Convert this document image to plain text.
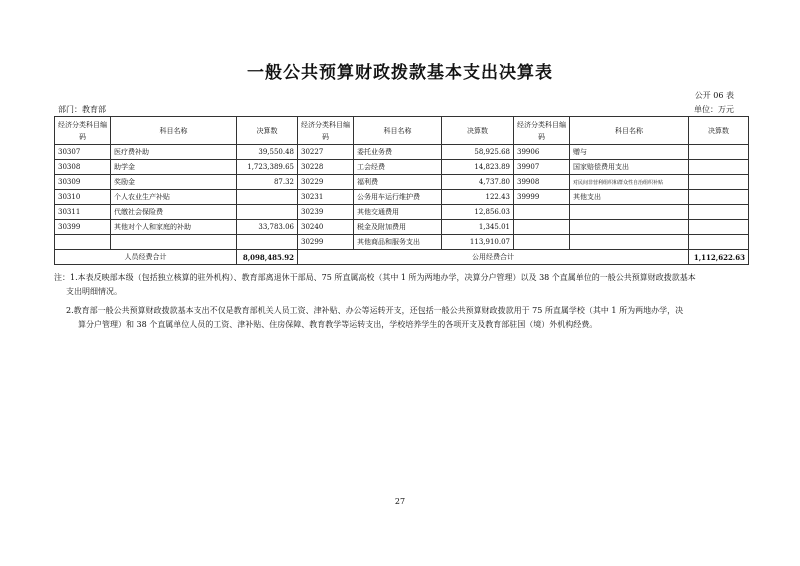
一般公共预算财政拨款基本支出决算表
公开 06 表
部门：教育部	单位：万元
经济分类科目编码	科目名称	决算数	经济分类科目编码	科目名称	决算数	经济分类科目编码	科目名称	决算数
30307	医疗费补助	39,550.48	30227	委托业务费	58,925.68	39906	赠与	
30308	助学金	1,723,389.65	30228	工会经费	14,823.89	39907	国家赔偿费用支出	
30309	奖励金	87.32	30229	福利费	4,737.80	39908	对民间非营利组织和群众性自治组织补贴	
30310	个人农业生产补贴		30231	公务用车运行维护费	122.43	39999	其他支出	
30311	代缴社会保险费		30239	其他交通费用	12,856.03			
30399	其他对个人和家庭的补助	33,783.06	30240	税金及附加费用	1,345.01			
			30299	其他商品和服务支出	113,910.07			
人员经费合计		8,098,485.92	公用经费合计					1,112,622.63

注：1.本表反映部本级（包括独立核算的驻外机构）、教育部离退休干部局、75 所直属高校（其中 1 所为两地办学，决算分户管理）以及 38 个直属单位的一般公共预算财政拨款基本
支出明细情况。

2.教育部一般公共预算财政拨款基本支出不仅是教育部机关人员工资、津补贴、办公等运转开支，还包括一般公共预算财政拨款用于 75 所直属学校（其中 1 所为两地办学，决
算分户管理）和 38 个直属单位人员的工资、津补贴、住房保障、教育教学等运转支出，学校培养学生的各项开支及教育部驻国（境）外机构经费。

27
